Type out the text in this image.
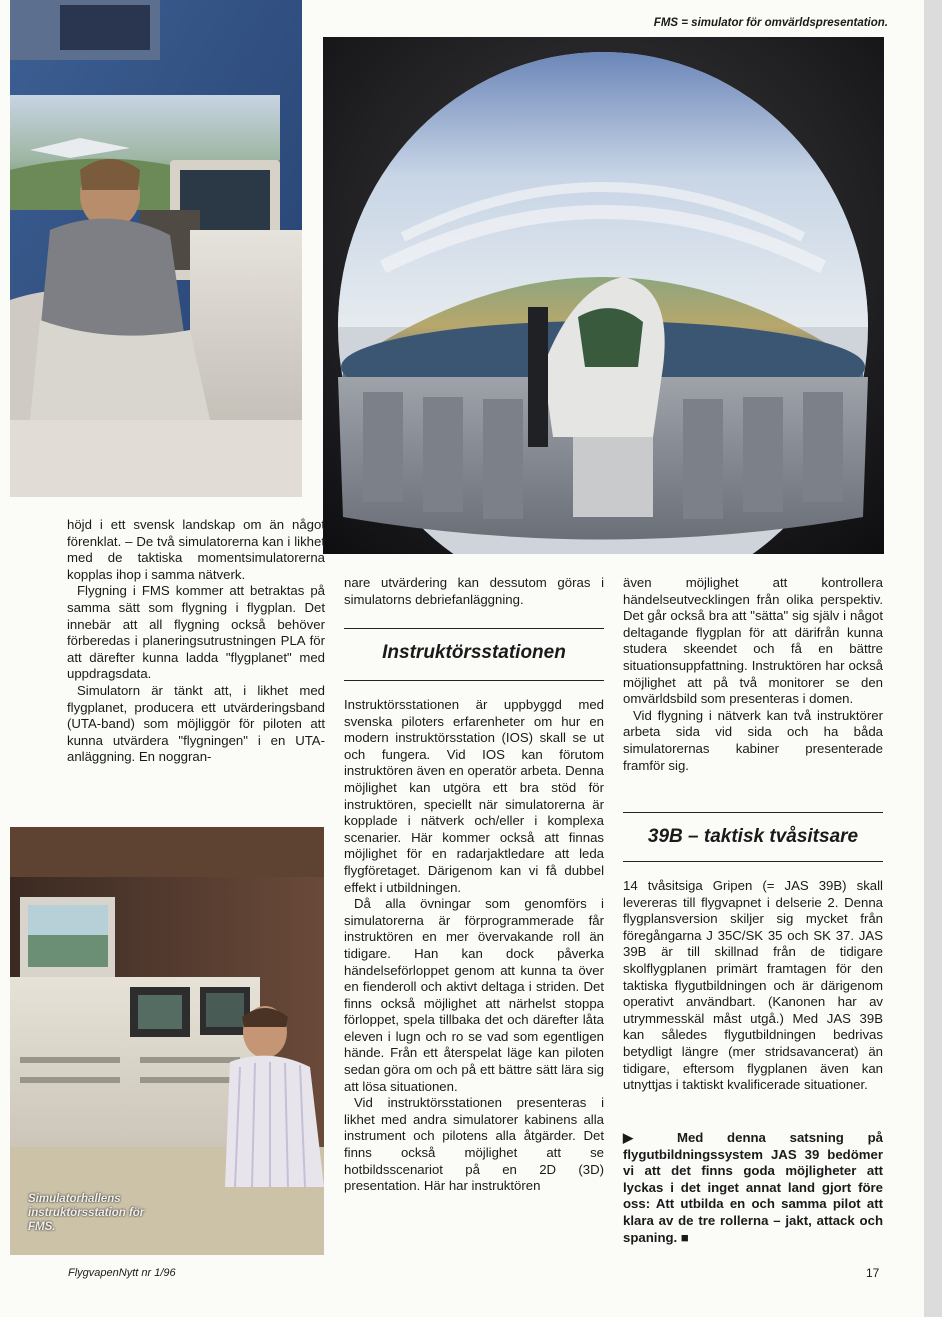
Simulatorhallens instruktörsstation för FMS.
FMS = simulator för omvärldspresentation.

höjd i ett svensk landskap om än något förenklat. – De två simulatorerna kan i likhet med de taktiska momentsimulatorerna kopplas ihop i samma nätverk.

Flygning i FMS kommer att betraktas på samma sätt som flygning i flygplan. Det innebär att all flygning också behöver förberedas i planeringsutrustningen PLA för att därefter kunna ladda "flygplanet" med uppdragsdata.

Simulatorn är tänkt att, i likhet med flygplanet, producera ett utvärderingsband (UTA-band) som möjliggör för piloten att kunna utvärdera "flygningen" i en UTA-anläggning. En noggran-

nare utvärdering kan dessutom göras i simulatorns debriefanläggning.

Instruktörsstationen

Instruktörsstationen är uppbyggd med svenska piloters erfarenheter om hur en modern instruktörsstation (IOS) skall se ut och fungera. Vid IOS kan förutom instruktören även en operatör arbeta. Denna möjlighet kan utgöra ett bra stöd för instruktören, speciellt när simulatorerna är kopplade i nätverk och/eller i komplexa scenarier. Här kommer också att finnas möjlighet för en radarjaktledare att leda flygföretaget. Därigenom kan vi få dubbel effekt i utbildningen.

Då alla övningar som genomförs i simulatorerna är förprogrammerade får instruktören en mer övervakande roll än tidigare. Han kan dock påverka händelseförloppet genom att kunna ta över en fienderoll och aktivt deltaga i striden. Det finns också möjlighet att närhelst stoppa förloppet, spela tillbaka det och därefter låta eleven i lugn och ro se vad som egentligen hände. Från ett återspelat läge kan piloten sedan göra om och på ett bättre sätt lära sig att lösa situationen.

Vid instruktörsstationen presenteras i likhet med andra simulatorer kabinens alla instrument och pilotens alla åtgärder. Det finns också möjlighet att se hotbildsscenariot på en 2D (3D) presentation. Här har instruktören

även möjlighet att kontrollera händelseutvecklingen från olika perspektiv. Det går också bra att "sätta" sig själv i något deltagande flygplan för att därifrån kunna studera skeendet och få en bättre situationsuppfattning. Instruktören har också möjlighet att på två monitorer se den omvärldsbild som presenteras i domen.

Vid flygning i nätverk kan två instruktörer arbeta sida vid sida och ha båda simulatorernas kabiner presenterade framför sig.

39B – taktisk tvåsitsare

14 tvåsitsiga Gripen (= JAS 39B) skall levereras till flygvapnet i delserie 2. Denna flygplansversion skiljer sig mycket från föregångarna J 35C/SK 35 och SK 37. JAS 39B är till skillnad från de tidigare skolflygplanen primärt framtagen för den taktiska flygutbildningen och är därigenom operativt användbart. (Kanonen har av utrymmesskäl måst utgå.) Med JAS 39B kan således flygutbildningen bedrivas betydligt längre (mer stridsavancerat) än tidigare, eftersom flygplanen även kan utnyttjas i taktiskt kvalificerade situationer.

▶ Med denna satsning på flygutbildningssystem JAS 39 bedömer vi att det finns goda möjligheter att lyckas i det inget annat land gjort före oss: Att utbilda en och samma pilot att klara av de tre rollerna – jakt, attack och spaning. ■

FlygvapenNytt nr 1/96	17
